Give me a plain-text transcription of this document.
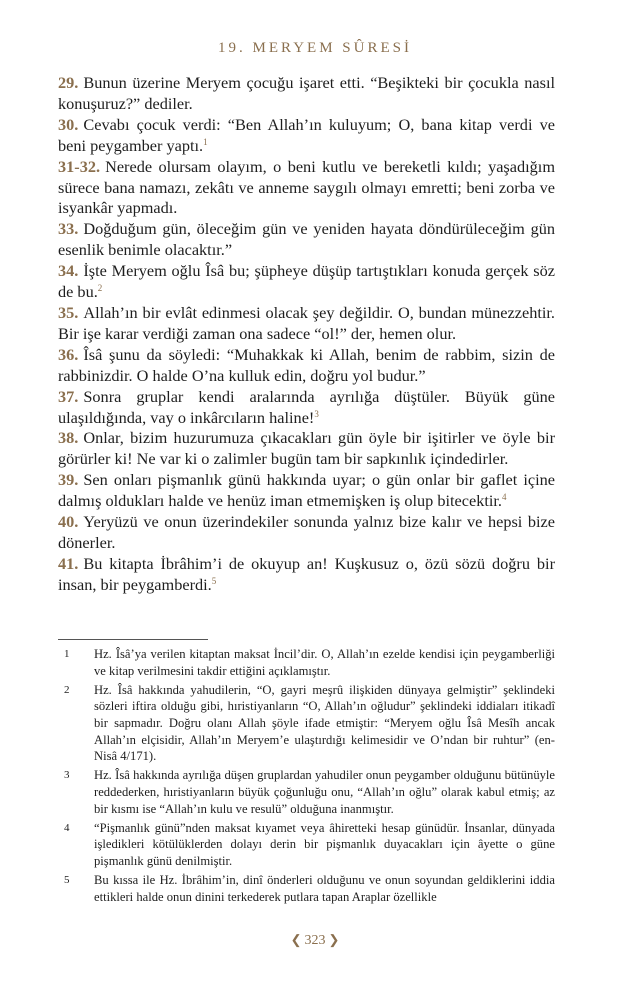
19. MERYEM SÛRESİ

29. Bunun üzerine Meryem çocuğu işaret etti. “Beşikteki bir çocukla nasıl konuşuruz?” dediler.

30. Cevabı çocuk verdi: “Ben Allah’ın kuluyum; O, bana kitap verdi ve beni peygamber yaptı.$^1$

31-32. Nerede olursam olayım, o beni kutlu ve bereketli kıldı; yaşadığım sürece bana namazı, zekâtı ve anneme saygılı olmayı emretti; beni zorba ve isyankâr yapmadı.

33. Doğduğum gün, öleceğim gün ve yeniden hayata döndürüleceğim gün esenlik benimle olacaktır.”

34. İşte Meryem oğlu Îsâ bu; şüpheye düşüp tartıştıkları konuda gerçek söz de bu.$^2$

35. Allah’ın bir evlât edinmesi olacak şey değildir. O, bundan münezzehtir. Bir işe karar verdiği zaman ona sadece “ol!” der, hemen olur.

36. Îsâ şunu da söyledi: “Muhakkak ki Allah, benim de rabbim, sizin de rabbinizdir. O halde O’na kulluk edin, doğru yol budur.”

37. Sonra gruplar kendi aralarında ayrılığa düştüler. Büyük güne ulaşıldığında, vay o inkârcıların haline!$^3$

38. Onlar, bizim huzurumuza çıkacakları gün öyle bir işitirler ve öyle bir görürler ki! Ne var ki o zalimler bugün tam bir sapkınlık içindedirler.

39. Sen onları pişmanlık günü hakkında uyar; o gün onlar bir gaflet içine dalmış oldukları halde ve henüz iman etmemişken iş olup bitecektir.$^4$

40. Yeryüzü ve onun üzerindekiler sonunda yalnız bize kalır ve hepsi bize dönerler.

41. Bu kitapta İbrâhim’i de okuyup an! Kuşkusuz o, özü sözü doğru bir insan, bir peygamberdi.$^5$

1	Hz. Îsâ’ya verilen kitaptan maksat İncil’dir. O, Allah’ın ezelde kendisi için peygamberliği ve kitap verilmesini takdir ettiğini açıklamıştır.
2	Hz. Îsâ hakkında yahudilerin, “O, gayri meşrû ilişkiden dünyaya gelmiştir” şeklindeki sözleri iftira olduğu gibi, hıristiyanların “O, Allah’ın oğludur” şeklindeki iddiaları itikadî bir sapmadır. Doğru olanı Allah şöyle ifade etmiştir: “Meryem oğlu Îsâ Mesîh ancak Allah’ın elçisidir, Allah’ın Meryem’e ulaştırdığı kelimesidir ve O’ndan bir ruhtur” (en-Nisâ 4/171).
3	Hz. Îsâ hakkında ayrılığa düşen gruplardan yahudiler onun peygamber olduğunu bütünüyle reddederken, hıristiyanların büyük çoğunluğu onu, “Allah’ın oğlu” olarak kabul etmiş; az bir kısmı ise “Allah’ın kulu ve resulü” olduğuna inanmıştır.
4	“Pişmanlık günü”nden maksat kıyamet veya âhiretteki hesap günüdür. İnsanlar, dünyada işledikleri kötülüklerden dolayı derin bir pişmanlık duyacakları için âyette o güne pişmanlık günü denilmiştir.
5	Bu kıssa ile Hz. İbrâhim’in, dinî önderleri olduğunu ve onun soyundan geldiklerini iddia ettikleri halde onun dinini terkederek putlara tapan Araplar özellikle
❮ 323 ❯
